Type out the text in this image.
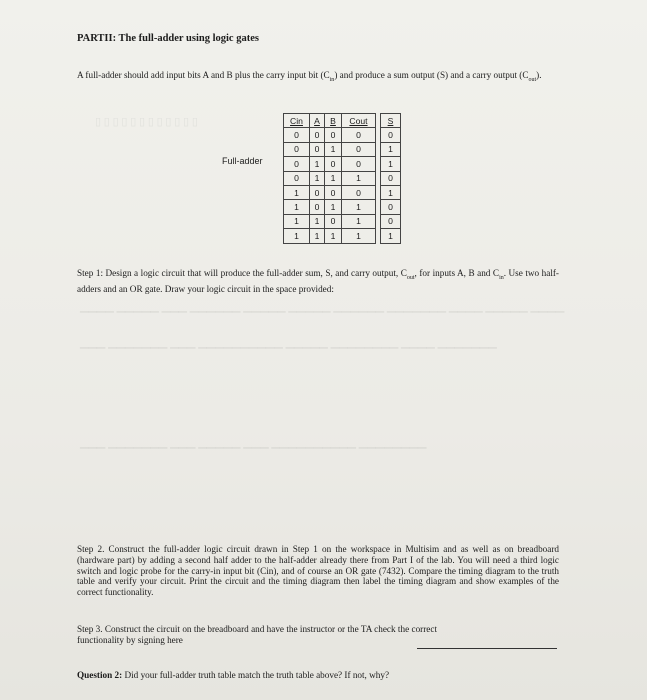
▯ ▯ ▯ ▯ ▯ ▯ ▯ ▯ ▯ ▯ ▯ ▯
▁▁▁▁ ▁▁▁▁▁ ▁▁▁ ▁▁▁▁▁▁ ▁▁▁▁▁ ▁▁▁▁▁ ▁▁▁▁▁▁ ▁▁▁▁▁▁▁ ▁▁▁▁ ▁▁▁▁▁ ▁▁▁▁
▁▁▁ ▁▁▁▁▁▁▁ ▁▁▁ ▁▁▁▁▁▁▁▁▁▁ ▁▁▁▁▁ ▁▁▁▁▁▁▁▁ ▁▁▁▁ ▁▁▁▁▁▁▁
▁▁▁ ▁▁▁▁▁▁▁ ▁▁▁ ▁▁▁▁▁ ▁▁▁ ▁▁▁▁▁▁▁▁▁▁ ▁▁▁▁▁▁▁▁
PARTII: The full-adder using logic gates
A full-adder should add input bits A and B plus the carry input bit $(C_{in})$ and produce a sum output (S) and a carry output $(C_{out})$.
Full-adder
Cin	A	B	Cout		S
0	0	0	0		0
0	0	1	0		1
0	1	0	0		1
0	1	1	1		0
1	0	0	0		1
1	0	1	1		0
1	1	0	1		0
1	1	1	1		1
Step 1: Design a logic circuit that will produce the full-adder sum, S, and carry output, $C_{out}$, for inputs A, B and $C_{in}$. Use two half-adders and an OR gate. Draw your logic circuit in the space provided:
Step 2. Construct the full-adder logic circuit drawn in Step 1 on the workspace in Multisim and as well as on breadboard (hardware part) by adding a second half adder to the half-adder already there from Part I of the lab. You will need a third logic switch and logic probe for the carry-in input bit (Cin), and of course an OR gate (7432). Compare the timing diagram to the truth table and verify your circuit. Print the circuit and the timing diagram then label the timing diagram and show examples of the correct functionality.
Step 3. Construct the circuit on the breadboard and have the instructor or the TA check the correct functionality by signing here
Question 2: Did your full-adder truth table match the truth table above? If not, why?
